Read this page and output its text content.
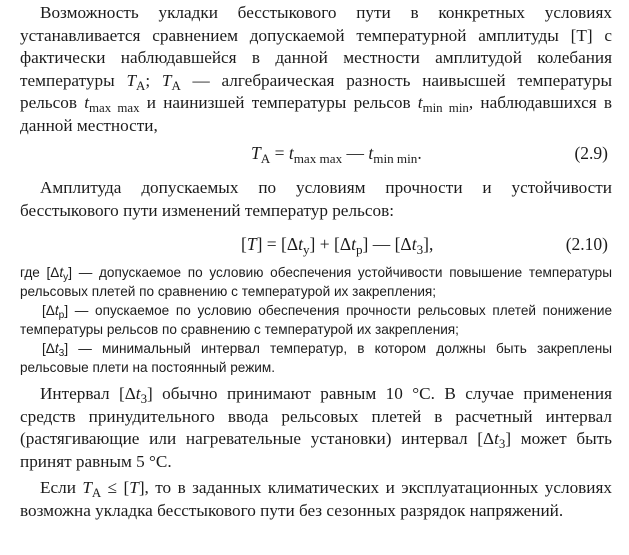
Возможность укладки бесстыкового пути в конкретных условиях устанавливается сравнением допускаемой температурной амплитуды [T] с фактически наблюдавшейся в данной местности амплитудой колебания температуры $T_A$; $T_A$ — алгебраическая разность наивысшей температуры рельсов $t_{max max}$ и наинизшей температуры рельсов $t_{min min}$, наблюдавшихся в данной местности,

$T_A = t_{max max}$ — $t_{min min}$.	(2.9)

Амплитуда допускаемых по условиям прочности и устойчивости бесстыкового пути изменений температур рельсов:

$[T] = [\Delta t_y] + [\Delta t_p]$ — $[\Delta t_3]$,	(2.10)

где $[\Delta t_y]$ — допускаемое по условию обеспечения устойчивости повышение температуры рельсовых плетей по сравнению с температурой их закрепления;

$[\Delta t_p]$ — опускаемое по условию обеспечения прочности рельсовых плетей понижение температуры рельсов по сравнению с температурой их закрепления;

$[\Delta t_3]$ — минимальный интервал температур, в котором должны быть закреплены рельсовые плети на постоянный режим.

Интервал $[\Delta t_3]$ обычно принимают равным 10 °С. В случае применения средств принудительного ввода рельсовых плетей в расчетный интервал (растягивающие или нагревательные установки) интервал $[\Delta t_3]$ может быть принят равным 5 °С.

Если $T_A \le [T]$, то в заданных климатических и эксплуатационных условиях возможна укладка бесстыкового пути без сезонных разрядок напряжений.
